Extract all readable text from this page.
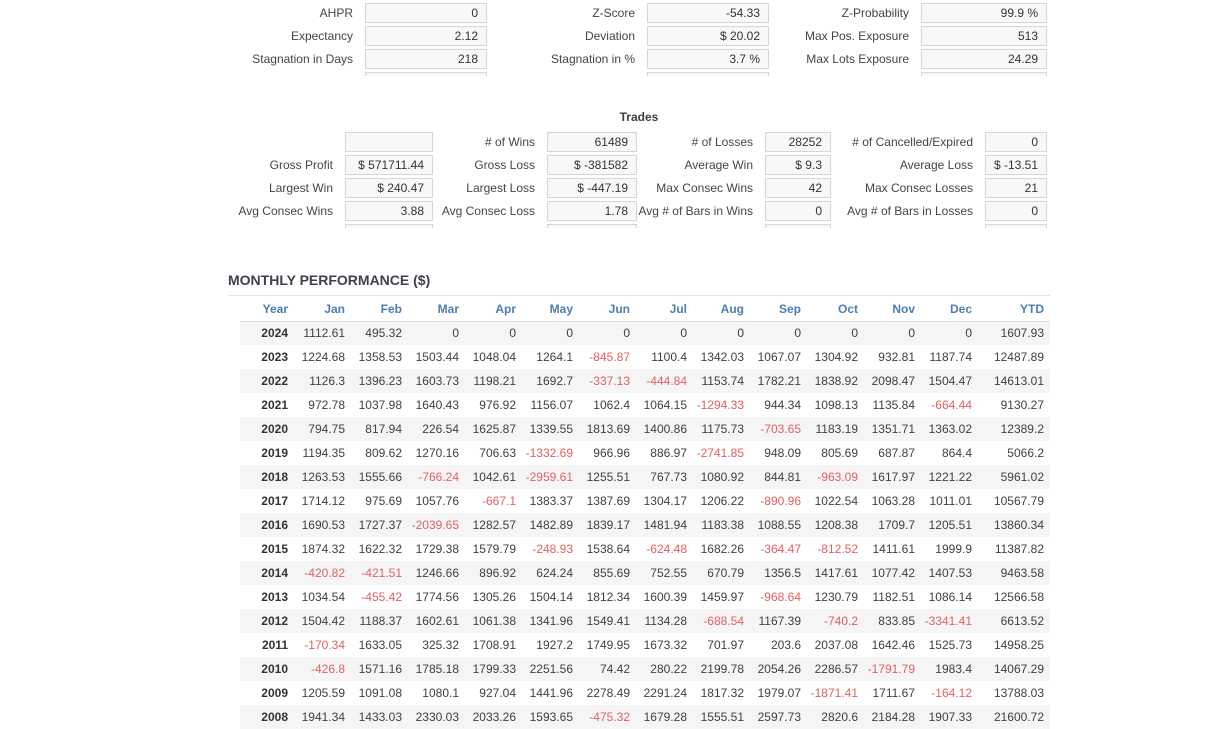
AHPR	0	Z-Score	-54.33	Z-Probability	99.9 %
Expectancy	2.12	Deviation	$ 20.02	Max Pos. Exposure	513
Stagnation in Days	218	Stagnation in %	3.7 %	Max Lots Exposure	24.29
Trades
# of Wins	61489	# of Losses	28252	# of Cancelled/Expired	0
Gross Profit	$ 571711.44	Gross Loss	$ -381582	Average Win	$ 9.3	Average Loss	$ -13.51
Largest Win	$ 240.47	Largest Loss	$ -447.19	Max Consec Wins	42	Max Consec Losses	21
Avg Consec Wins	3.88	Avg Consec Loss	1.78 Avg # of Bars in Wins	0	Avg # of Bars in Losses	0
MONTHLY PERFORMANCE ($)
Year	Jan	Feb	Mar	Apr	May	Jun	Jul	Aug	Sep	Oct	Nov	Dec	YTD
2024	1112.61	495.32	0	0	0	0	0	0	0	0	0	0	1607.93
2023	1224.68	1358.53	1503.44	1048.04	1264.1	-845.87	1100.4	1342.03	1067.07	1304.92	932.81	1187.74	12487.89
2022	1126.3	1396.23	1603.73	1198.21	1692.7	-337.13	-444.84	1153.74	1782.21	1838.92	2098.47	1504.47	14613.01
2021	972.78	1037.98	1640.43	976.92	1156.07	1062.4	1064.15	-1294.33	944.34	1098.13	1135.84	-664.44	9130.27
2020	794.75	817.94	226.54	1625.87	1339.55	1813.69	1400.86	1175.73	-703.65	1183.19	1351.71	1363.02	12389.2
2019	1194.35	809.62	1270.16	706.63	-1332.69	966.96	886.97	-2741.85	948.09	805.69	687.87	864.4	5066.2
2018	1263.53	1555.66	-766.24	1042.61	-2959.61	1255.51	767.73	1080.92	844.81	-963.09	1617.97	1221.22	5961.02
2017	1714.12	975.69	1057.76	-667.1	1383.37	1387.69	1304.17	1206.22	-890.96	1022.54	1063.28	1011.01	10567.79
2016	1690.53	1727.37	-2039.65	1282.57	1482.89	1839.17	1481.94	1183.38	1088.55	1208.38	1709.7	1205.51	13860.34
2015	1874.32	1622.32	1729.38	1579.79	-248.93	1538.64	-624.48	1682.26	-364.47	-812.52	1411.61	1999.9	11387.82
2014	-420.82	-421.51	1246.66	896.92	624.24	855.69	752.55	670.79	1356.5	1417.61	1077.42	1407.53	9463.58
2013	1034.54	-455.42	1774.56	1305.26	1504.14	1812.34	1600.39	1459.97	-968.64	1230.79	1182.51	1086.14	12566.58
2012	1504.42	1188.37	1602.61	1061.38	1341.96	1549.41	1134.28	-688.54	1167.39	-740.2	833.85	-3341.41	6613.52
2011	-170.34	1633.05	325.32	1708.91	1927.2	1749.95	1673.32	701.97	203.6	2037.08	1642.46	1525.73	14958.25
2010	-426.8	1571.16	1785.18	1799.33	2251.56	74.42	280.22	2199.78	2054.26	2286.57	-1791.79	1983.4	14067.29
2009	1205.59	1091.08	1080.1	927.04	1441.96	2278.49	2291.24	1817.32	1979.07	-1871.41	1711.67	-164.12	13788.03
2008	1941.34	1433.03	2330.03	2033.26	1593.65	-475.32	1679.28	1555.51	2597.73	2820.6	2184.28	1907.33	21600.72
